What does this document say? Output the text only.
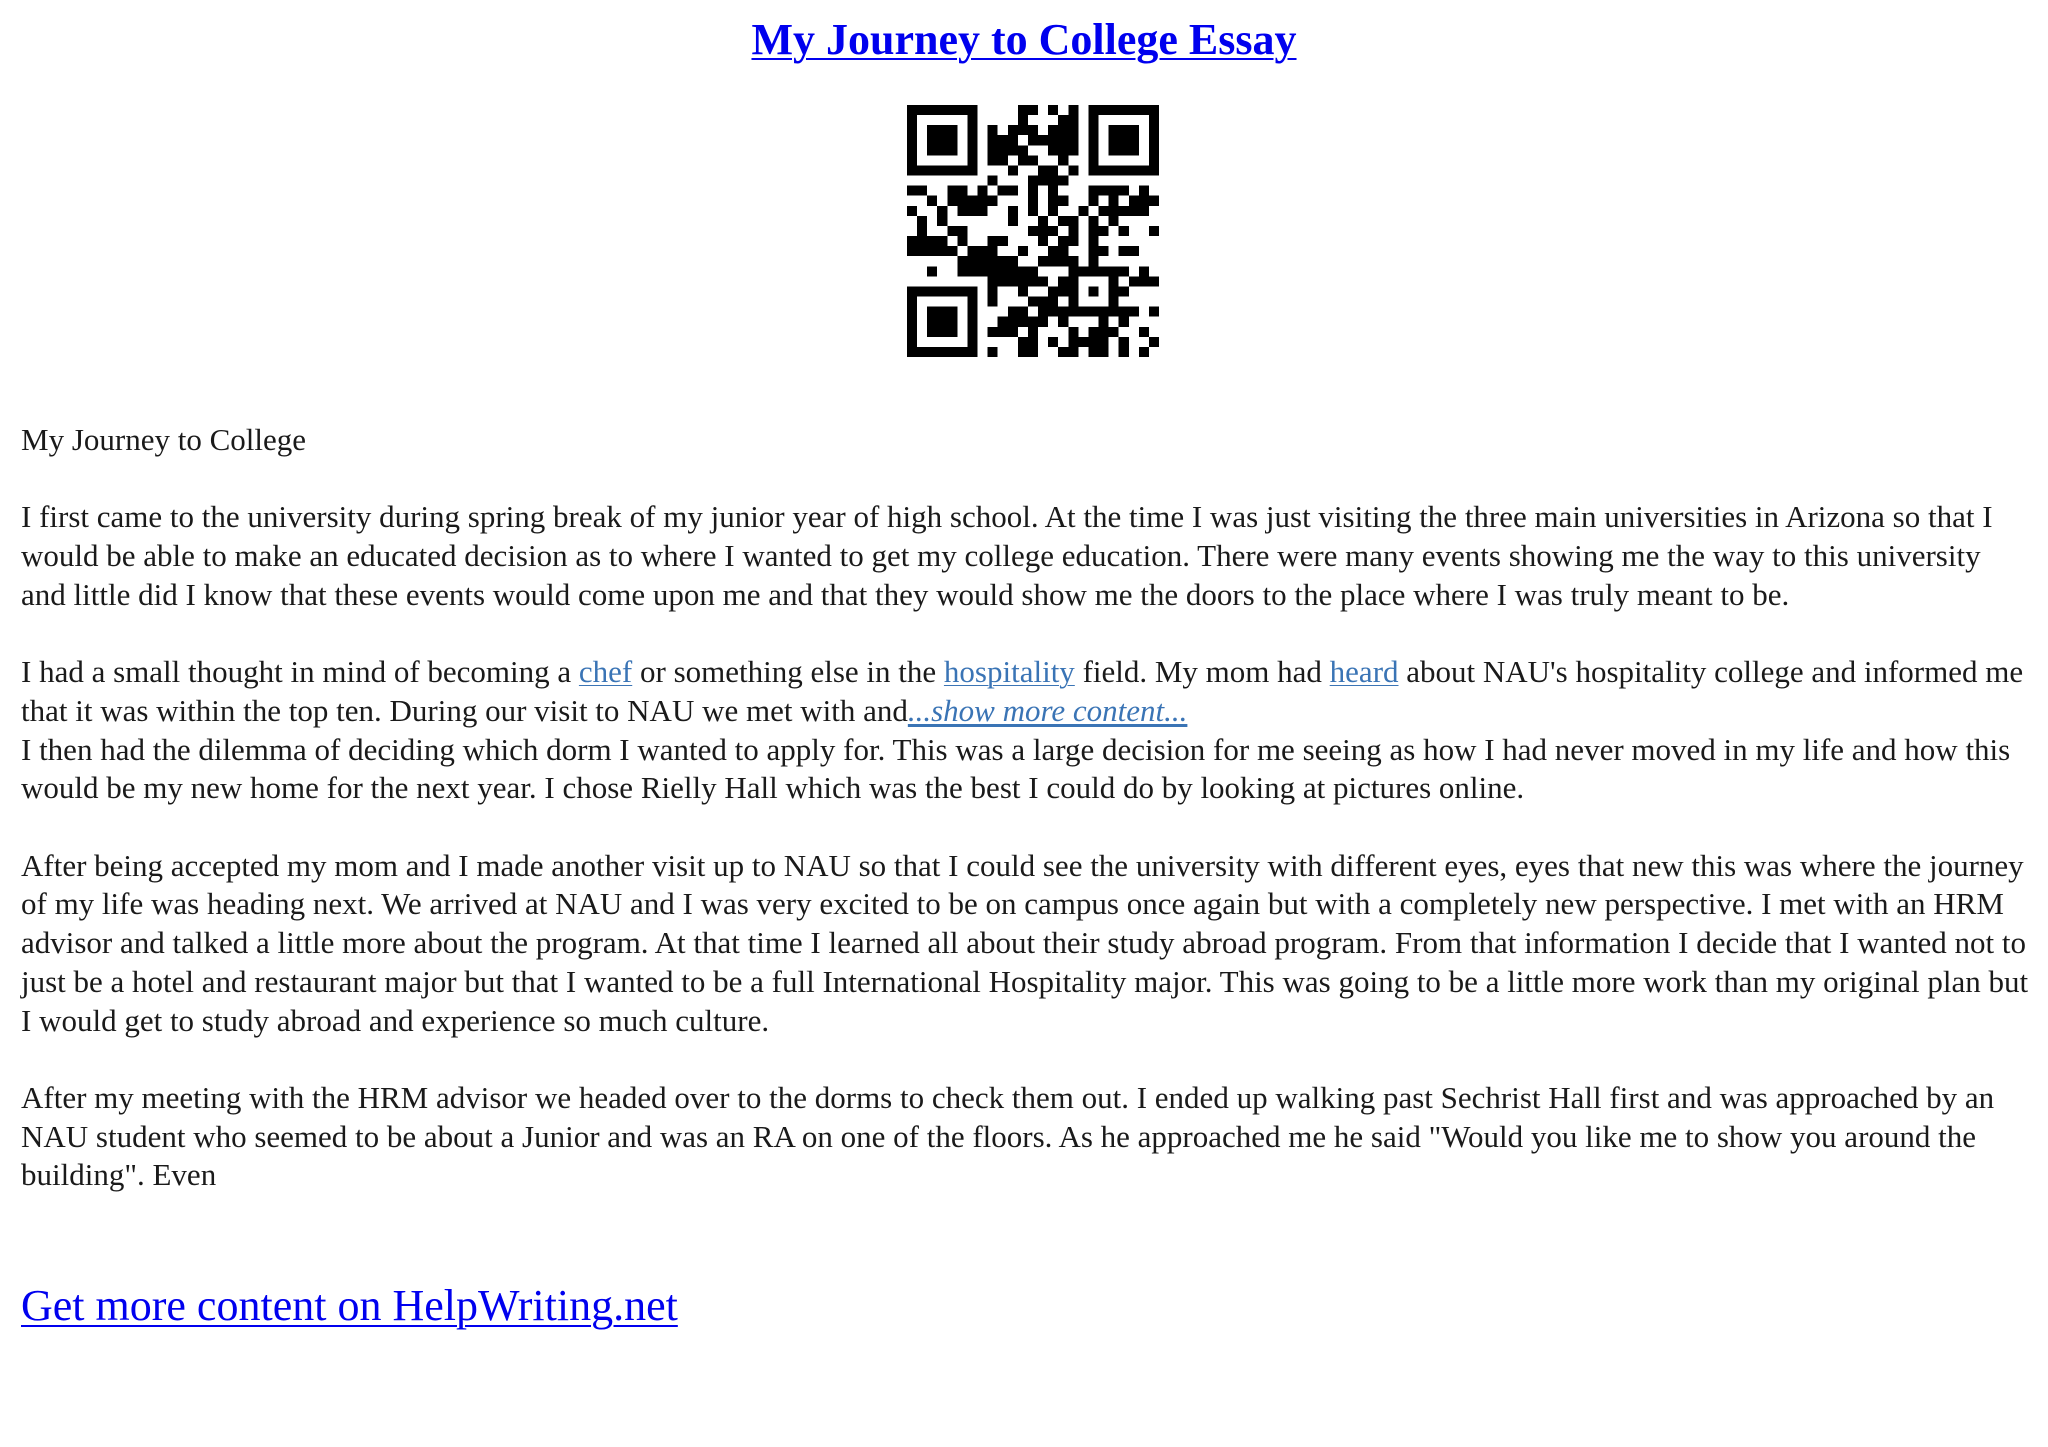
My Journey to College Essay

My Journey to College

I first came to the university during spring break of my junior year of high school. At the time I was just visiting the three main universities in Arizona so that I would be able to make an educated decision as to where I wanted to get my college education. There were many events showing me the way to this university and little did I know that these events would come upon me and that they would show me the doors to the place where I was truly meant to be.

I had a small thought in mind of becoming a chef or something else in the hospitality field. My mom had heard about NAU's hospitality college and informed me that it was within the top ten. During our visit to NAU we met with and...show more content...

I then had the dilemma of deciding which dorm I wanted to apply for. This was a large decision for me seeing as how I had never moved in my life and how this would be my new home for the next year. I chose Rielly Hall which was the best I could do by looking at pictures online.

After being accepted my mom and I made another visit up to NAU so that I could see the university with different eyes, eyes that new this was where the journey of my life was heading next. We arrived at NAU and I was very excited to be on campus once again but with a completely new perspective. I met with an HRM advisor and talked a little more about the program. At that time I learned all about their study abroad program. From that information I decide that I wanted not to just be a hotel and restaurant major but that I wanted to be a full International Hospitality major. This was going to be a little more work than my original plan but I would get to study abroad and experience so much culture.

After my meeting with the HRM advisor we headed over to the dorms to check them out. I ended up walking past Sechrist Hall first and was approached by an NAU student who seemed to be about a Junior and was an RA on one of the floors. As he approached me he said "Would you like me to show you around the building". Even

Get more content on HelpWriting.net
